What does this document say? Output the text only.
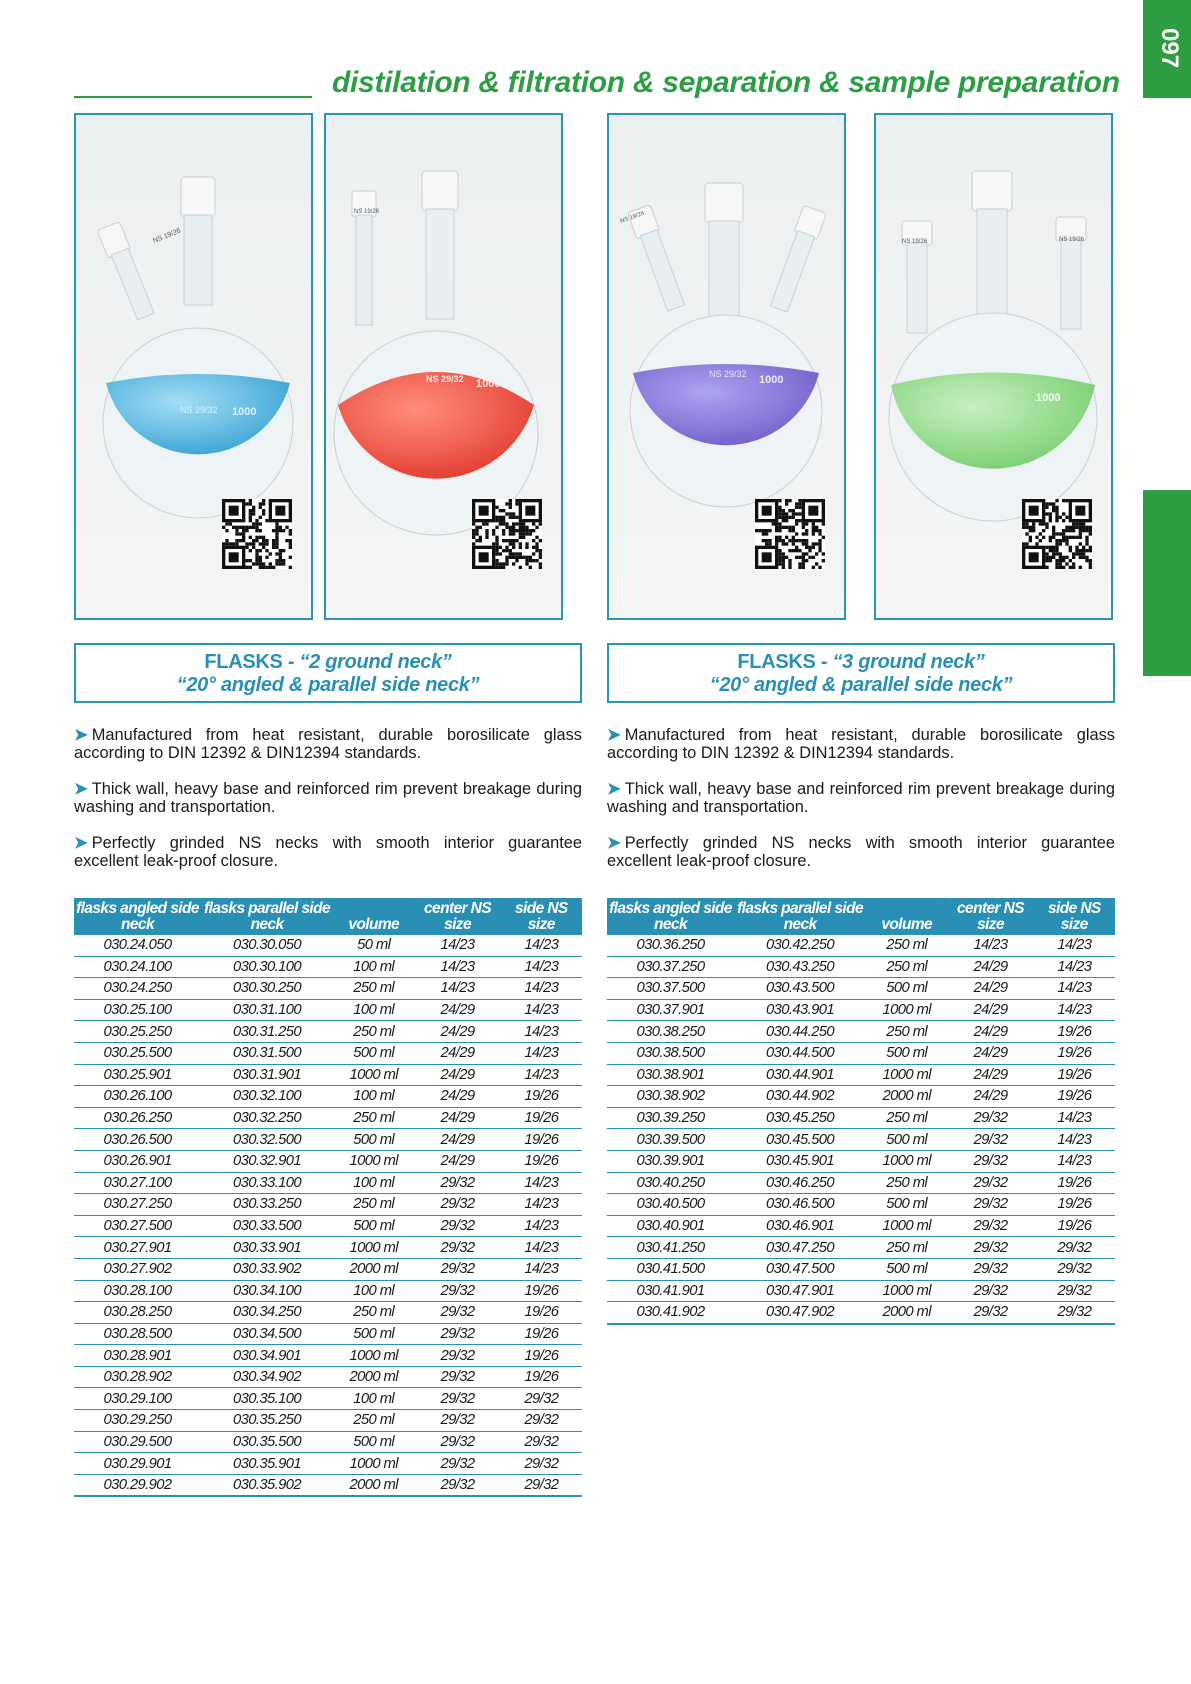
distilation & filtration & separation & sample preparation
097
NS 19/26
NS 29/32 1000
NS 19/26
NS 29/32 1000
NS 19/26
NS 29/32 1000
NS 19/26	NS 19/26
1000
FLASKS - “2 ground neck”
“20° angled & parallel side neck”
FLASKS - “3 ground neck”
“20° angled & parallel side neck”

➤ Manufactured from heat resistant, durable borosilicate glass according to DIN 12392 & DIN12394 standards.

➤ Thick wall, heavy base and reinforced rim prevent breakage during washing and transportation.

➤ Perfectly grinded NS necks with smooth interior guarantee excellent leak-proof closure.

➤ Manufactured from heat resistant, durable borosilicate glass according to DIN 12392 & DIN12394 standards.

➤ Thick wall, heavy base and reinforced rim prevent breakage during washing and transportation.

➤ Perfectly grinded NS necks with smooth interior guarantee excellent leak-proof closure.

flasks angled side neck	flasks parallel side neck	volume	center NS size	side NS size
030.24.050	030.30.050	50 ml	14/23	14/23
030.24.100	030.30.100	100 ml	14/23	14/23
030.24.250	030.30.250	250 ml	14/23	14/23
030.25.100	030.31.100	100 ml	24/29	14/23
030.25.250	030.31.250	250 ml	24/29	14/23
030.25.500	030.31.500	500 ml	24/29	14/23
030.25.901	030.31.901	1000 ml	24/29	14/23
030.26.100	030.32.100	100 ml	24/29	19/26
030.26.250	030.32.250	250 ml	24/29	19/26
030.26.500	030.32.500	500 ml	24/29	19/26
030.26.901	030.32.901	1000 ml	24/29	19/26
030.27.100	030.33.100	100 ml	29/32	14/23
030.27.250	030.33.250	250 ml	29/32	14/23
030.27.500	030.33.500	500 ml	29/32	14/23
030.27.901	030.33.901	1000 ml	29/32	14/23
030.27.902	030.33.902	2000 ml	29/32	14/23
030.28.100	030.34.100	100 ml	29/32	19/26
030.28.250	030.34.250	250 ml	29/32	19/26
030.28.500	030.34.500	500 ml	29/32	19/26
030.28.901	030.34.901	1000 ml	29/32	19/26
030.28.902	030.34.902	2000 ml	29/32	19/26
030.29.100	030.35.100	100 ml	29/32	29/32
030.29.250	030.35.250	250 ml	29/32	29/32
030.29.500	030.35.500	500 ml	29/32	29/32
030.29.901	030.35.901	1000 ml	29/32	29/32
030.29.902	030.35.902	2000 ml	29/32	29/32
flasks angled side neck	flasks parallel side neck	volume	center NS size	side NS size
030.36.250	030.42.250	250 ml	14/23	14/23
030.37.250	030.43.250	250 ml	24/29	14/23
030.37.500	030.43.500	500 ml	24/29	14/23
030.37.901	030.43.901	1000 ml	24/29	14/23
030.38.250	030.44.250	250 ml	24/29	19/26
030.38.500	030.44.500	500 ml	24/29	19/26
030.38.901	030.44.901	1000 ml	24/29	19/26
030.38.902	030.44.902	2000 ml	24/29	19/26
030.39.250	030.45.250	250 ml	29/32	14/23
030.39.500	030.45.500	500 ml	29/32	14/23
030.39.901	030.45.901	1000 ml	29/32	14/23
030.40.250	030.46.250	250 ml	29/32	19/26
030.40.500	030.46.500	500 ml	29/32	19/26
030.40.901	030.46.901	1000 ml	29/32	19/26
030.41.250	030.47.250	250 ml	29/32	29/32
030.41.500	030.47.500	500 ml	29/32	29/32
030.41.901	030.47.901	1000 ml	29/32	29/32
030.41.902	030.47.902	2000 ml	29/32	29/32
